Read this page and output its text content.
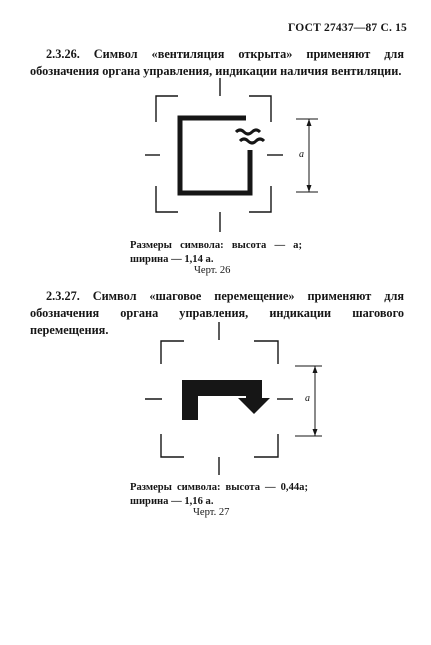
ГОСТ 27437—87 С. 15

2.3.26. Символ «вентиляция открыта» применяют для обозначения органа управления, индикации наличия вентиляции.

a
a

Размеры символа: высота — a; ширина — 1,14 a.

Черт. 26

2.3.27. Символ «шаговое перемещение» применяют для обозначения органа управления, индикации шагового перемещения.

Размеры символа: высота — 0,44a; ширина — 1,16 a.

Черт. 27
